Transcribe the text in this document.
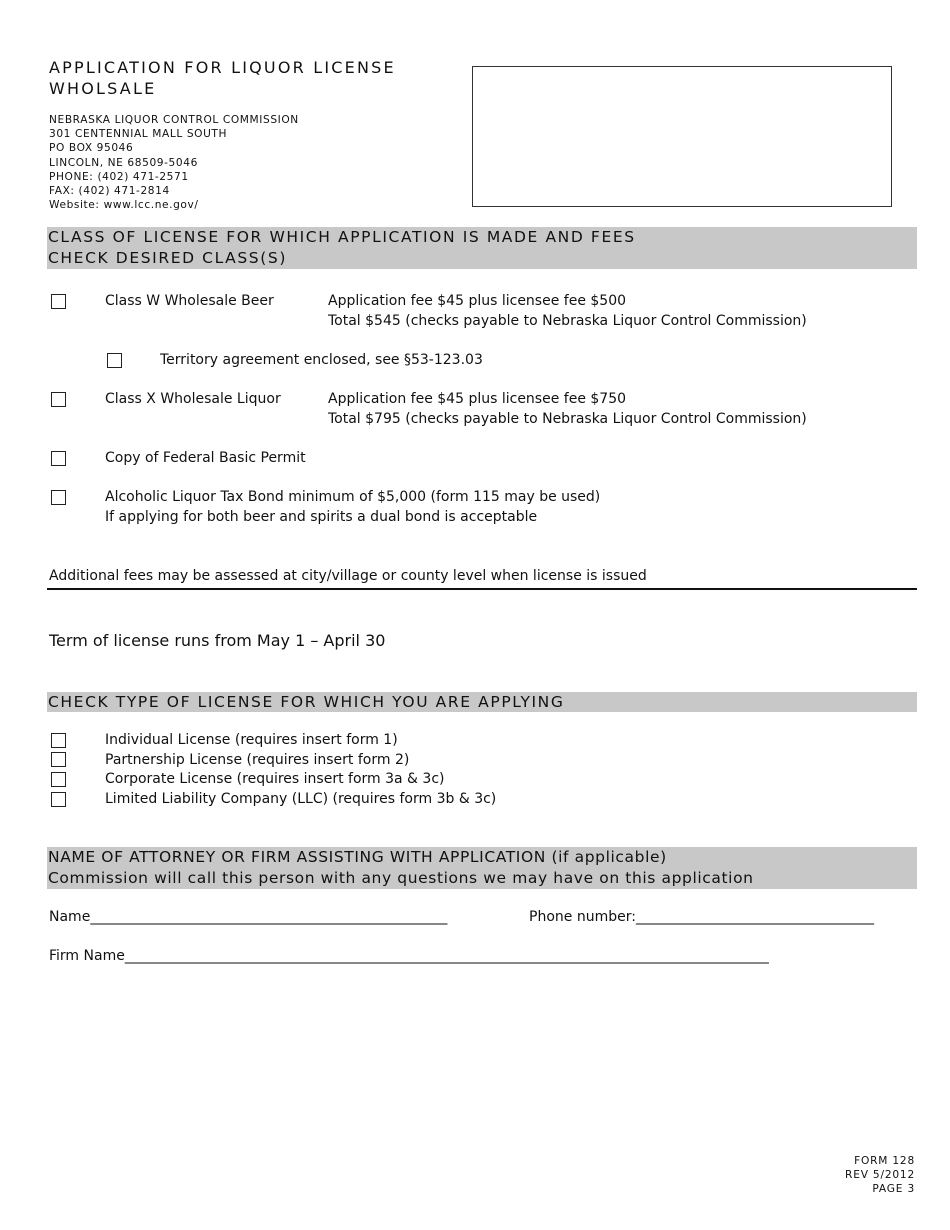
APPLICATION FOR LIQUOR LICENSE
WHOLSALE
NEBRASKA LIQUOR CONTROL COMMISSION
301 CENTENNIAL MALL SOUTH
PO BOX 95046
LINCOLN, NE 68509-5046
PHONE: (402) 471-2571
FAX: (402) 471-2814
Website: www.lcc.ne.gov/
CLASS OF LICENSE FOR WHICH APPLICATION IS MADE AND FEES
CHECK DESIRED CLASS(S)
Class W Wholesale Beer	Application fee $45 plus licensee fee $500
Total $545 (checks payable to Nebraska Liquor Control Commission)
Territory agreement enclosed, see §53-123.03
Class X Wholesale Liquor	Application fee $45 plus licensee fee $750
Total $795 (checks payable to Nebraska Liquor Control Commission)
Copy of Federal Basic Permit
Alcoholic Liquor Tax Bond minimum of $5,000 (form 115 may be used)
If applying for both beer and spirits a dual bond is acceptable
Additional fees may be assessed at city/village or county level when license is issued
Term of license runs from May 1 – April 30
CHECK TYPE OF LICENSE FOR WHICH YOU ARE APPLYING
Individual License (requires insert form 1)
Partnership License (requires insert form 2)
Corporate License (requires insert form 3a & 3c)
Limited Liability Company (LLC) (requires form 3b & 3c)
NAME OF ATTORNEY OR FIRM ASSISTING WITH APPLICATION (if applicable)
Commission will call this person with any questions we may have on this application
Name___________________________________________________	Phone number:__________________________________
Firm Name____________________________________________________________________________________________
FORM 128
REV 5/2012
PAGE 3
